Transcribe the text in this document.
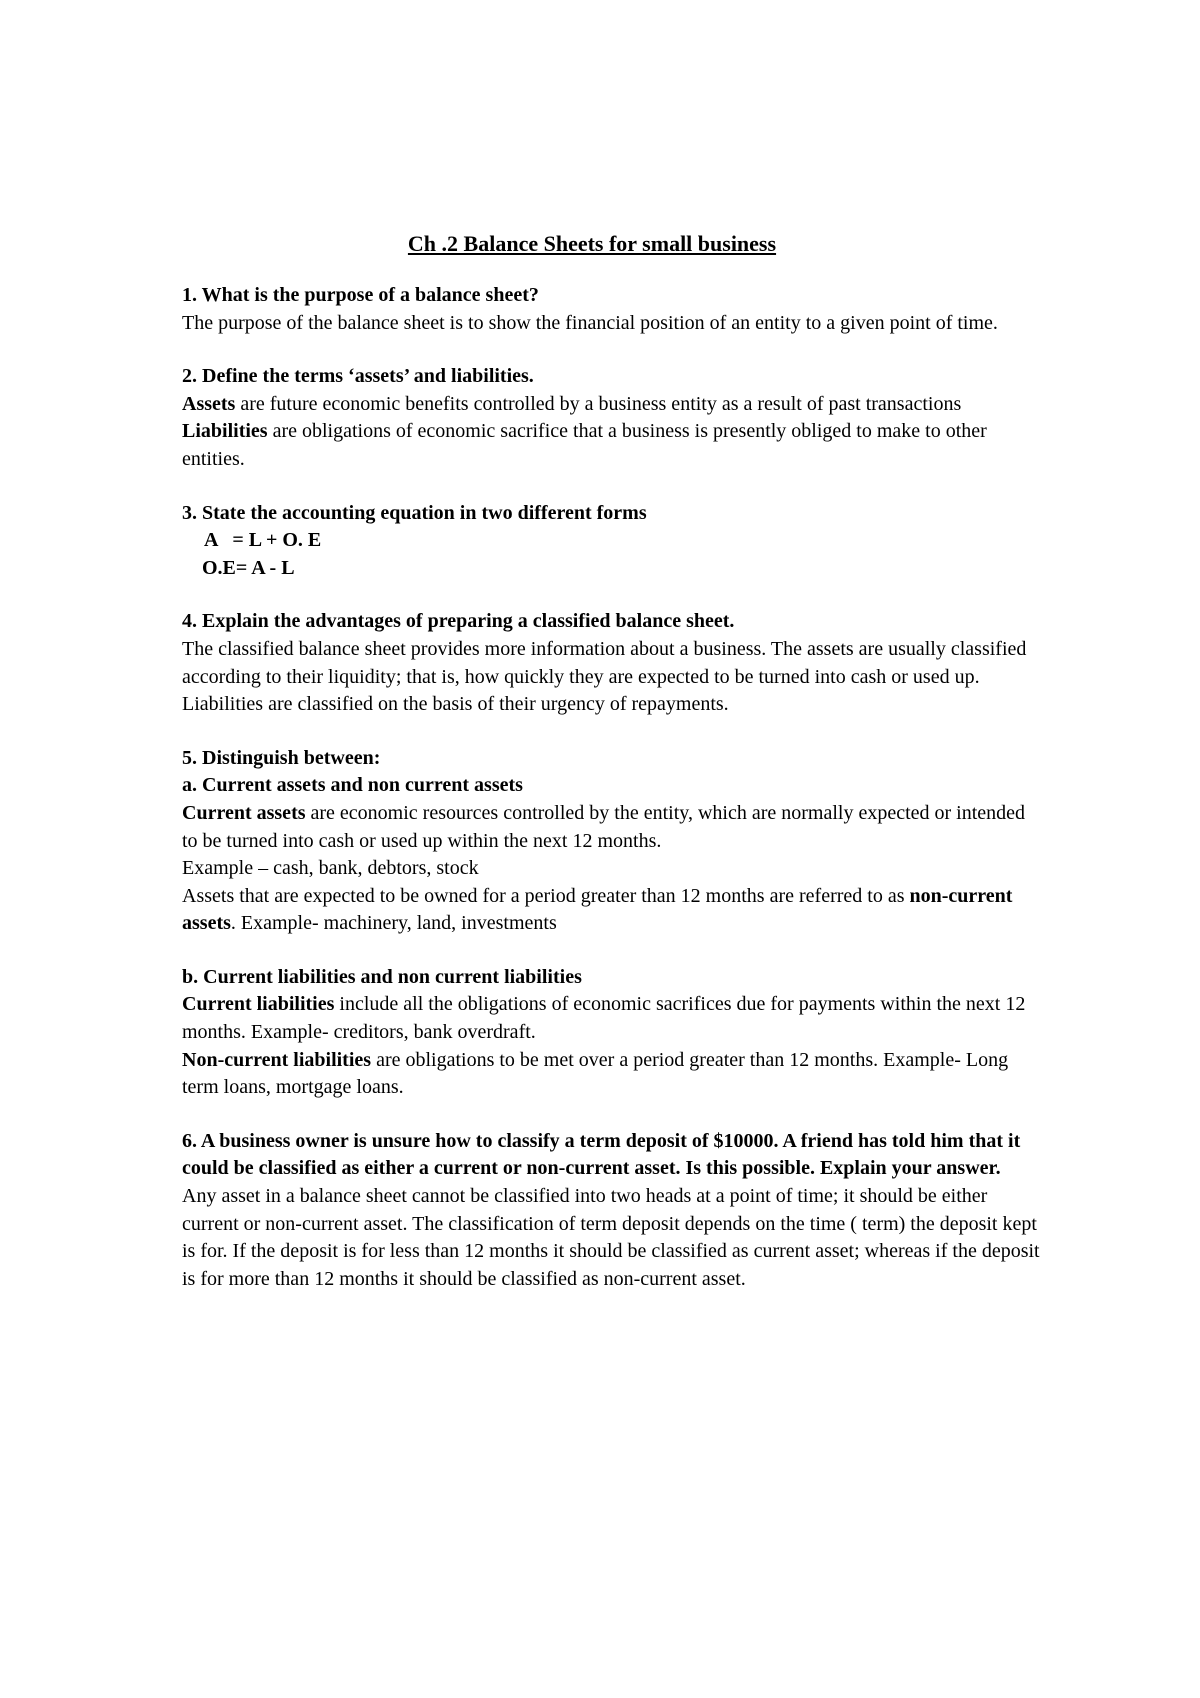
Ch .2 Balance Sheets for small business

1. What is the purpose of a balance sheet?

The purpose of the balance sheet is to show the financial position of an entity to a given point of time.

2. Define the terms ‘assets’ and liabilities.

Assets are future economic benefits controlled by a business entity as a result of past transactions

Liabilities are obligations of economic sacrifice that a business is presently obliged to make to other entities.

3. State the accounting equation in two different forms

A   = L + O. E

O.E= A - L

4. Explain the advantages of preparing a classified balance sheet.

The classified balance sheet provides more information about a business. The assets are usually classified according to their liquidity; that is, how quickly they are expected to be turned into cash or used up. Liabilities are classified on the basis of their urgency of repayments.

5. Distinguish between:

a. Current assets and non current assets

Current assets are economic resources controlled by the entity, which are normally expected or intended to be turned into cash or used up within the next 12 months.

Example – cash, bank, debtors, stock

Assets that are expected to be owned for a period greater than 12 months are referred to as non-current assets. Example- machinery, land, investments

b. Current liabilities and non current liabilities

Current liabilities include all the obligations of economic sacrifices due for payments within the next 12 months. Example- creditors, bank overdraft.

Non-current liabilities are obligations to be met over a period greater than 12 months. Example- Long term loans, mortgage loans.

6. A business owner is unsure how to classify a term deposit of $10000. A friend has told him that it could be classified as either a current or non-current asset. Is this possible. Explain your answer.

Any asset in a balance sheet cannot be classified into two heads at a point of time; it should be either current or non-current asset. The classification of term deposit depends on the time ( term) the deposit kept is for. If the deposit is for less than 12 months it should be classified as current asset; whereas if the deposit is for more than 12 months it should be classified as non-current asset.
